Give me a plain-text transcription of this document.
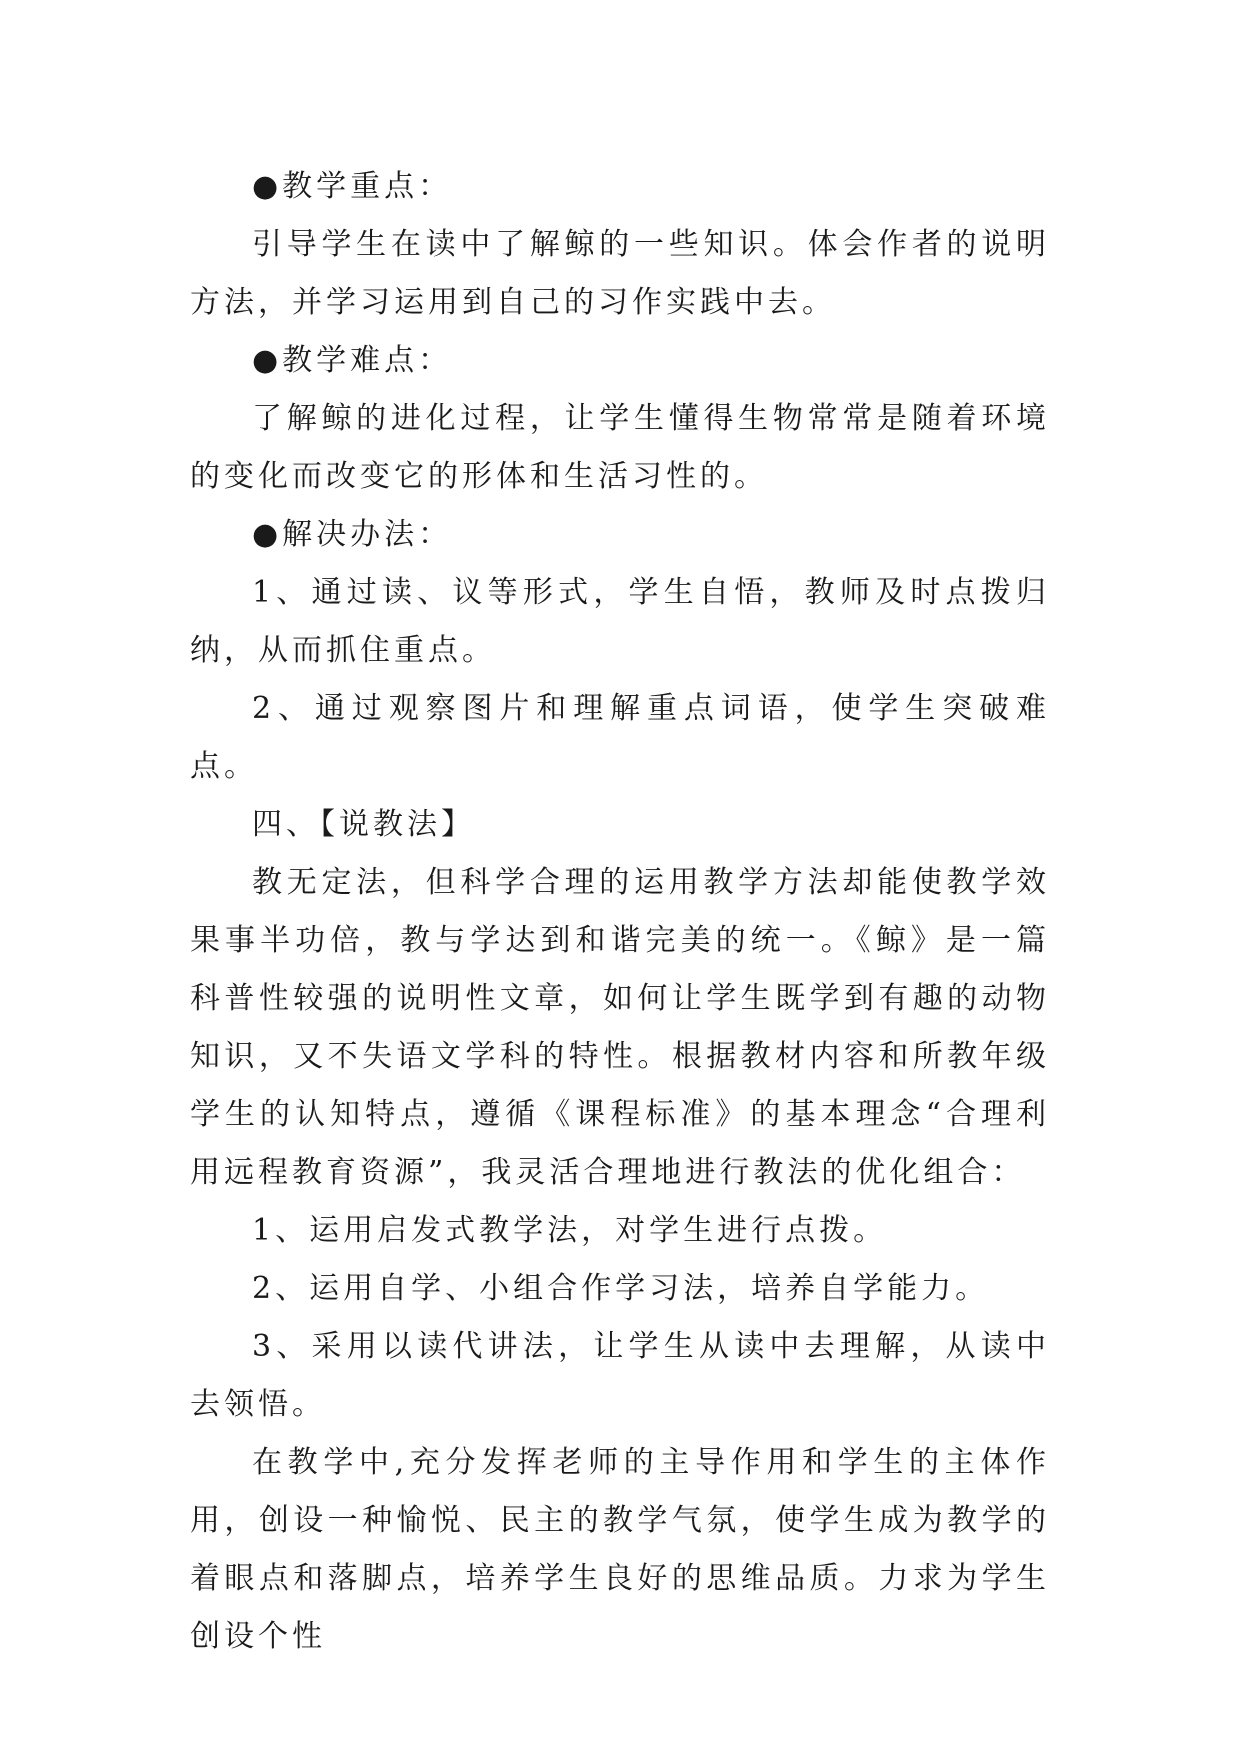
●教学重点：

引导学生在读中了解鲸的一些知识。体会作者的说明方法，并学习运用到自己的习作实践中去。

●教学难点：

了解鲸的进化过程，让学生懂得生物常常是随着环境的变化而改变它的形体和生活习性的。

●解决办法：

1、通过读、议等形式，学生自悟，教师及时点拨归纳，从而抓住重点。

2、通过观察图片和理解重点词语，使学生突破难点。

四、【说教法】

教无定法，但科学合理的运用教学方法却能使教学效果事半功倍，教与学达到和谐完美的统一。《鲸》是一篇科普性较强的说明性文章，如何让学生既学到有趣的动物知识，又不失语文学科的特性。根据教材内容和所教年级学生的认知特点，遵循《课程标准》的基本理念“合理利用远程教育资源”，我灵活合理地进行教法的优化组合：

1、运用启发式教学法，对学生进行点拨。

2、运用自学、小组合作学习法，培养自学能力。

3、采用以读代讲法，让学生从读中去理解，从读中去领悟。

在教学中,充分发挥老师的主导作用和学生的主体作用，创设一种愉悦、民主的教学气氛，使学生成为教学的着眼点和落脚点，培养学生良好的思维品质。力求为学生创设个性
